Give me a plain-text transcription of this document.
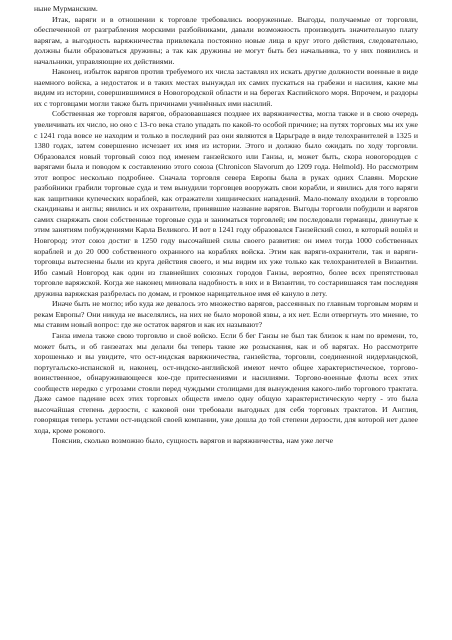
ныне Мурманским.

Итак, варяги и в отношении к торговле требовались вооруженные. Выгоды, получаемые от торговли, обеспеченной от разграбления морскими разбойниками, давали возможность производить значительную плату варягам, а выгодность варяжничества привлекала постоянно новые лица в круг этого действия, следовательно, должны были образоваться дружины; а так как дружины не могут быть без начальника, то у них появились и начальники, управляющие их действиями.

Наконец, избыток варягов против требуемого их числа заставлял их искать другие должности военные в виде наемного войска, а недостаток и в таких местах вынуждал их самих пускаться на грабежи и насилия, какие мы видим из истории, совершившимися в Новогородской области и на берегах Каспийского моря. Впрочем, и раздоры их с торговцами могли также быть причинами учинённых ими насилий.

Собственная же торговля варягов, образовавшаяся позднее их варяжничества, могла также и в свою очередь увеличивать их число, но оно с 13-го века стало упадать по какой-то особой причине; на путях торговых мы их уже с 1241 года вовсе не находим и только в последний раз они являются в Царьграде в виде телохранителей в 1325 и 1380 годах, затем совершенно исчезает их имя из истории. Этого и должно было ожидать по ходу торговли. Образовался новый торговый союз под именем ганзейского или Ганзы, и, может быть, скора новогородцев с варягами была и поводом к составлению этого союза (Chronicon Slavorum до 1209 года. Helmold). Но рассмотрим этот вопрос несколько подробнее. Сначала торговля севера Европы была в руках одних Славян. Морские разбойники грабили торговые суда и тем вынудили торговцев вооружать свои корабли, и явились для того варяги как защитники купеческих кораблей, как отражатели хищнических нападений. Мало-помалу входили в торговлю скандинавы и англы; явились и их охранители, принявшие название варягов. Выгоды торговли побудили и варягов самих снаряжать свои собственные торговые суда и заниматься торговлей; им последовали германцы, двинутые к этим занятиям побуждениями Карла Великого. И вот в 1241 году образовался Ганзейский союз, в который вошёл и Новгород; этот союз достиг в 1250 году высочайшей силы своего развития: он имел тогда 1000 собственных кораблей и до 20 000 собственного охранного на кораблях войска. Этим как варяги-охранители, так и варяги-торговцы вытеснены были из круга действия своего, и мы видим их уже только как телохранителей в Византии. Ибо самый Новгород как один из главнейших союзных городов Ганзы, вероятно, более всех препятствовал торговле варяжской. Когда же наконец миновала надобность в них и в Византии, то состарившаяся там последняя дружина варяжская разбрелась по домам, и громкое нарицательное имя её кануло в лету.

Иначе быть не могло; ибо куда же девалось это множество варягов, рассеянных по главным торговым морям и рекам Европы? Они никуда не выселялись, на них не было моровой язвы, а их нет. Если отвергнуть это мнение, то мы ставим новый вопрос: где же остаток варягов и как их называют?

Ганза имела также свою торговлю и своё войско. Если б бег Ганзы не был так близок к нам по времени, то, может быть, и об ганзеатах мы делали бы теперь такие же розыскания, как и об варягах. Но рассмотрите хорошенько и вы увидите, что ост-индская варяжничества, ганзейства, торговли, соединенной нидерландской, португальско-испанской и, наконец, ост-индско-английской имеют нечто общее характеристическое, торгово-воинственное, обнаруживающееся кое-где притеснениями и насилиями. Торгово-военные флоты всех этих сообществ нередко с угрозами стояли перед чуждыми столицами для вынуждения какого-либо торгового трактата. Даже самое падение всех этих торговых обществ имело одну общую характеристическую черту - это была высочайшая степень дерзости, с каковой они требовали выгодных для себя торговых трактатов. И Англия, говорящая теперь устами ост-индской своей компании, уже дошла до той степени дерзости, для которой нет далее хода, кроме рокового.

Пояснив, сколько возможно было, сущность варягов и варяжничества, нам уже легче
